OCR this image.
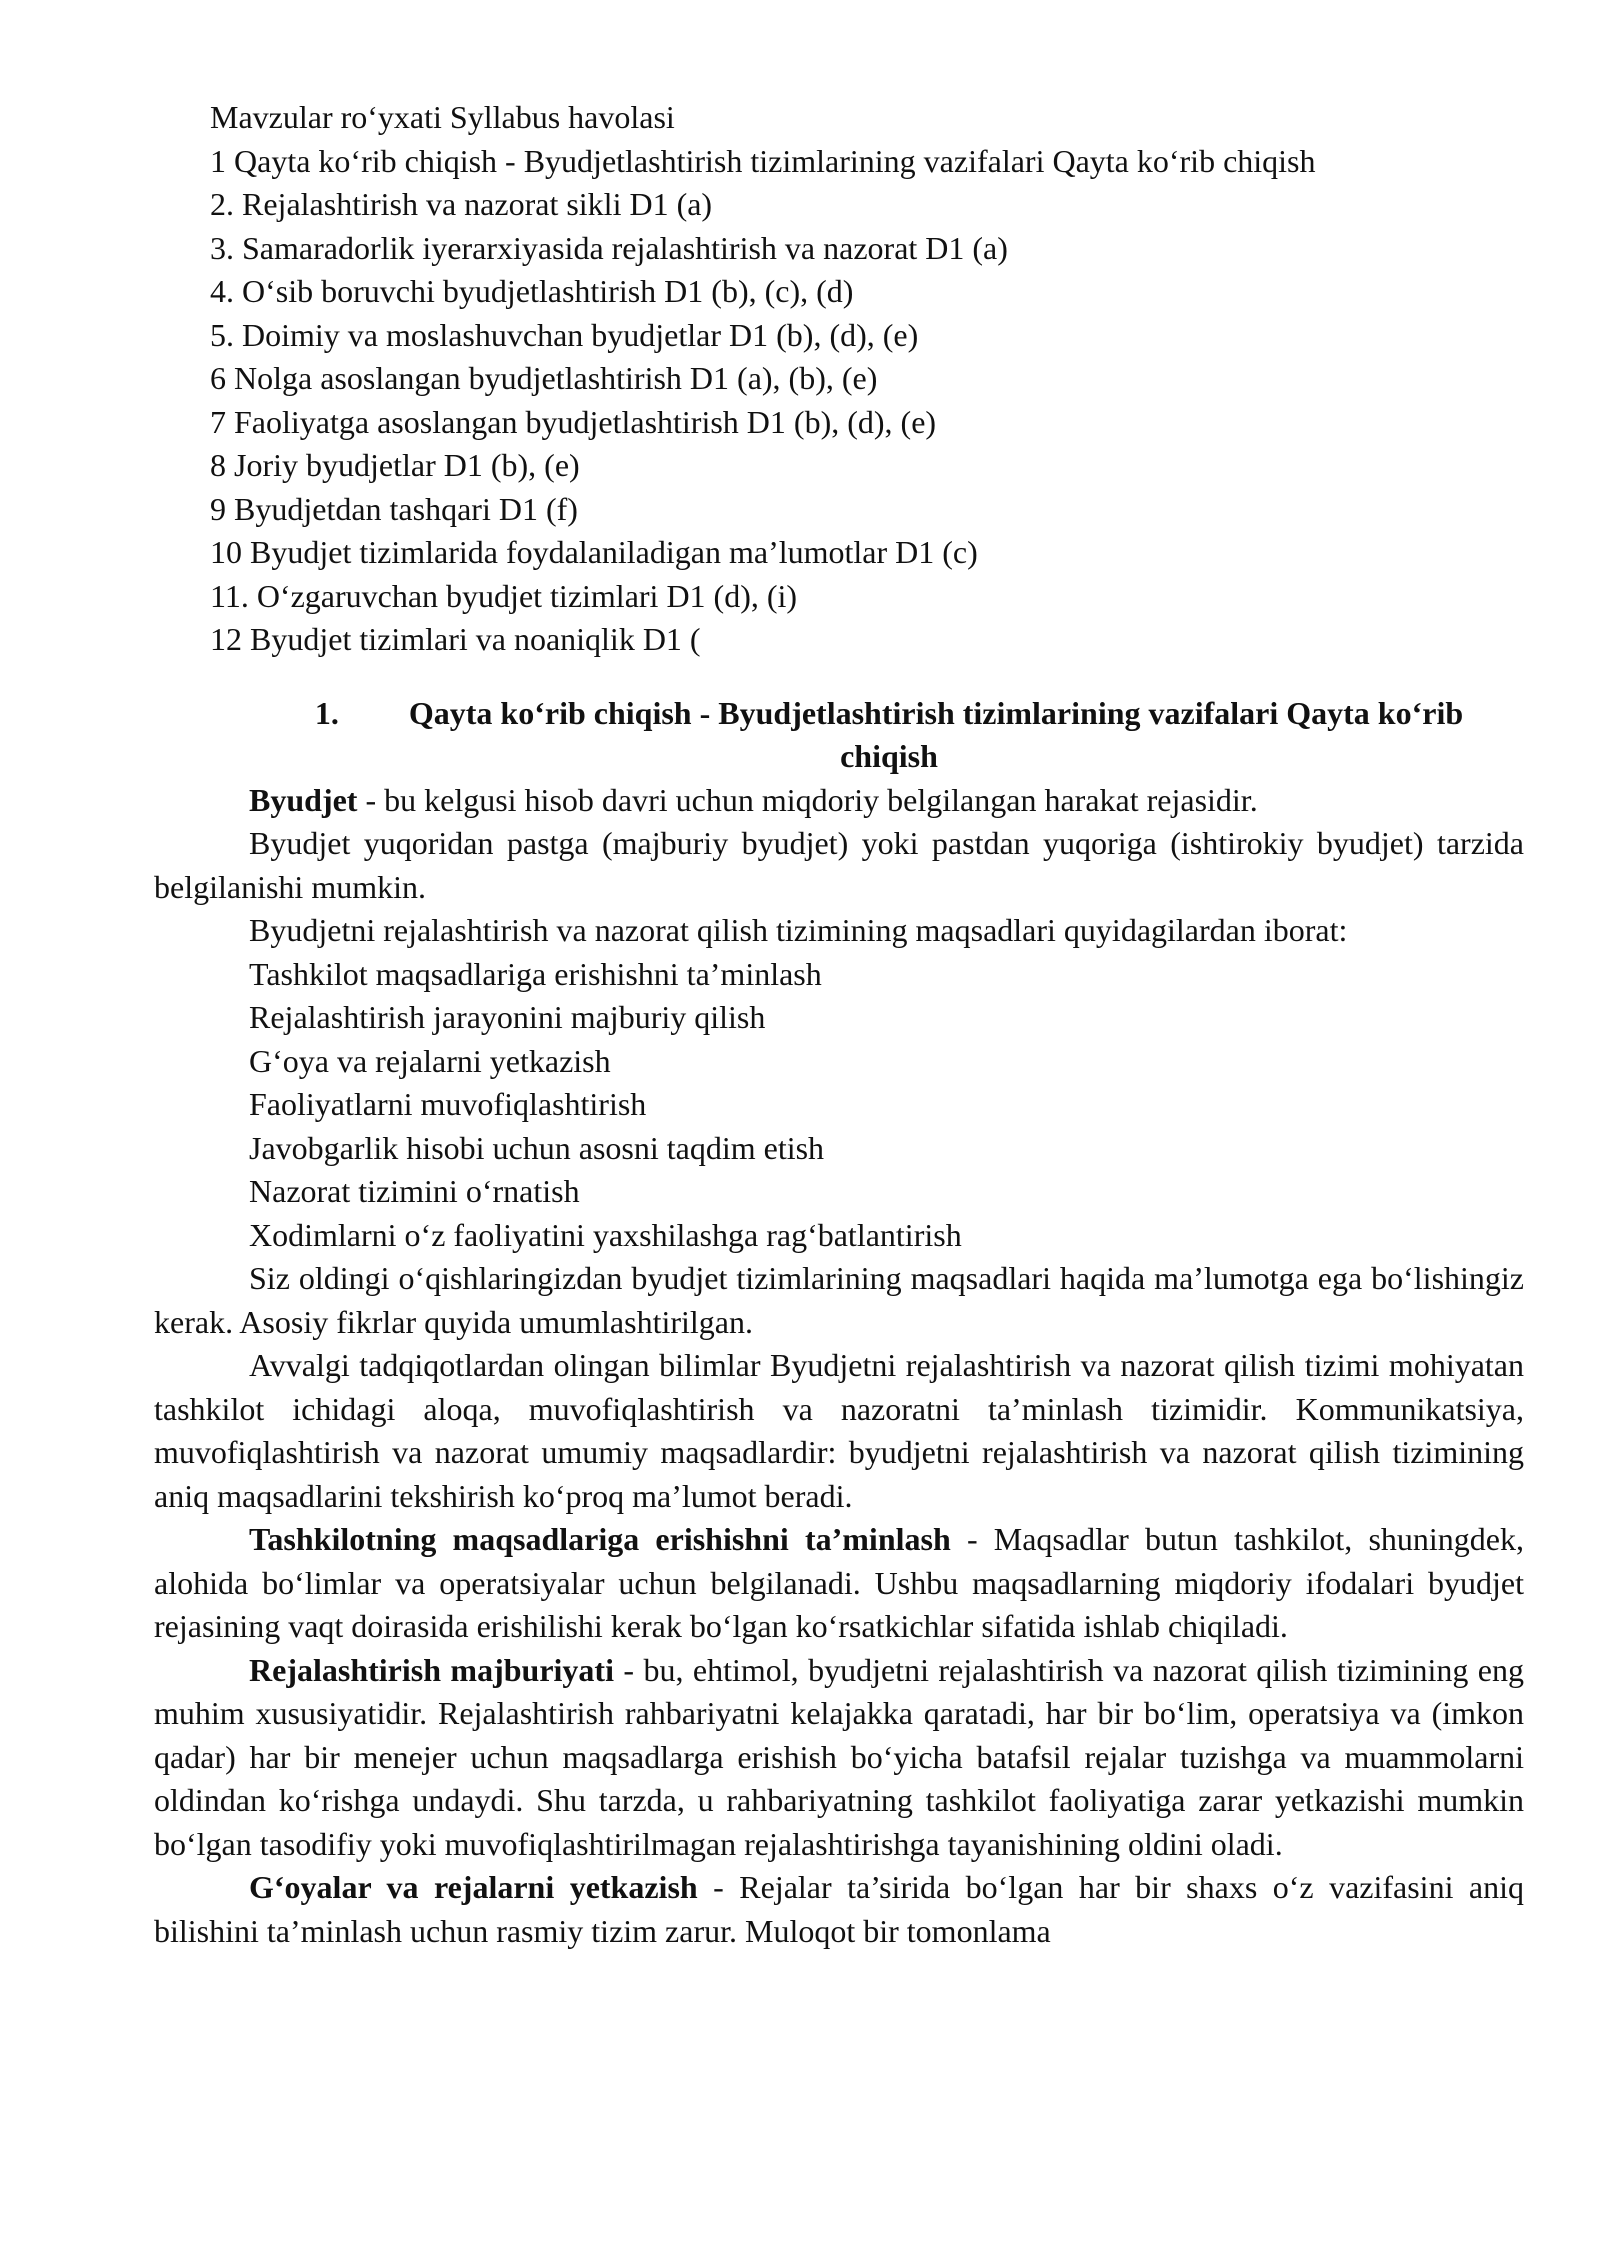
Mavzular ro‘yxati Syllabus havolasi
1 Qayta ko‘rib chiqish - Byudjetlashtirish tizimlarining vazifalari Qayta ko‘rib chiqish
2. Rejalashtirish va nazorat sikli D1 (a)
3. Samaradorlik iyerarxiyasida rejalashtirish va nazorat D1 (a)
4. O‘sib boruvchi byudjetlashtirish D1 (b), (c), (d)
5. Doimiy va moslashuvchan byudjetlar D1 (b), (d), (e)
6 Nolga asoslangan byudjetlashtirish D1 (a), (b), (e)
7 Faoliyatga asoslangan byudjetlashtirish D1 (b), (d), (e)
8 Joriy byudjetlar D1 (b), (e)
9 Byudjetdan tashqari D1 (f)
10 Byudjet tizimlarida foydalaniladigan ma’lumotlar D1 (c)
11. O‘zgaruvchan byudjet tizimlari D1 (d), (i)
12 Byudjet tizimlari va noaniqlik D1 (
1. Qayta ko‘rib chiqish - Byudjetlashtirish tizimlarining vazifalari Qayta ko‘rib chiqish

Byudjet - bu kelgusi hisob davri uchun miqdoriy belgilangan harakat rejasidir.

Byudjet yuqoridan pastga (majburiy byudjet) yoki pastdan yuqoriga (ishtirokiy byudjet) tarzida belgilanishi mumkin.

Byudjetni rejalashtirish va nazorat qilish tizimining maqsadlari quyidagilardan iborat:

Tashkilot maqsadlariga erishishni ta’minlash
Rejalashtirish jarayonini majburiy qilish
G‘oya va rejalarni yetkazish
Faoliyatlarni muvofiqlashtirish
Javobgarlik hisobi uchun asosni taqdim etish
Nazorat tizimini o‘rnatish
Xodimlarni o‘z faoliyatini yaxshilashga rag‘batlantirish

Siz oldingi o‘qishlaringizdan byudjet tizimlarining maqsadlari haqida ma’lumotga ega bo‘lishingiz kerak. Asosiy fikrlar quyida umumlashtirilgan.

Avvalgi tadqiqotlardan olingan bilimlar Byudjetni rejalashtirish va nazorat qilish tizimi mohiyatan tashkilot ichidagi aloqa, muvofiqlashtirish va nazoratni ta’minlash tizimidir. Kommunikatsiya, muvofiqlashtirish va nazorat umumiy maqsadlardir: byudjetni rejalashtirish va nazorat qilish tizimining aniq maqsadlarini tekshirish ko‘proq ma’lumot beradi.

Tashkilotning maqsadlariga erishishni ta’minlash - Maqsadlar butun tashkilot, shuningdek, alohida bo‘limlar va operatsiyalar uchun belgilanadi. Ushbu maqsadlarning miqdoriy ifodalari byudjet rejasining vaqt doirasida erishilishi kerak bo‘lgan ko‘rsatkichlar sifatida ishlab chiqiladi.

Rejalashtirish majburiyati - bu, ehtimol, byudjetni rejalashtirish va nazorat qilish tizimining eng muhim xususiyatidir. Rejalashtirish rahbariyatni kelajakka qaratadi, har bir bo‘lim, operatsiya va (imkon qadar) har bir menejer uchun maqsadlarga erishish bo‘yicha batafsil rejalar tuzishga va muammolarni oldindan ko‘rishga undaydi. Shu tarzda, u rahbariyatning tashkilot faoliyatiga zarar yetkazishi mumkin bo‘lgan tasodifiy yoki muvofiqlashtirilmagan rejalashtirishga tayanishining oldini oladi.

G‘oyalar va rejalarni yetkazish - Rejalar ta’sirida bo‘lgan har bir shaxs o‘z vazifasini aniq bilishini ta’minlash uchun rasmiy tizim zarur. Muloqot bir tomonlama
